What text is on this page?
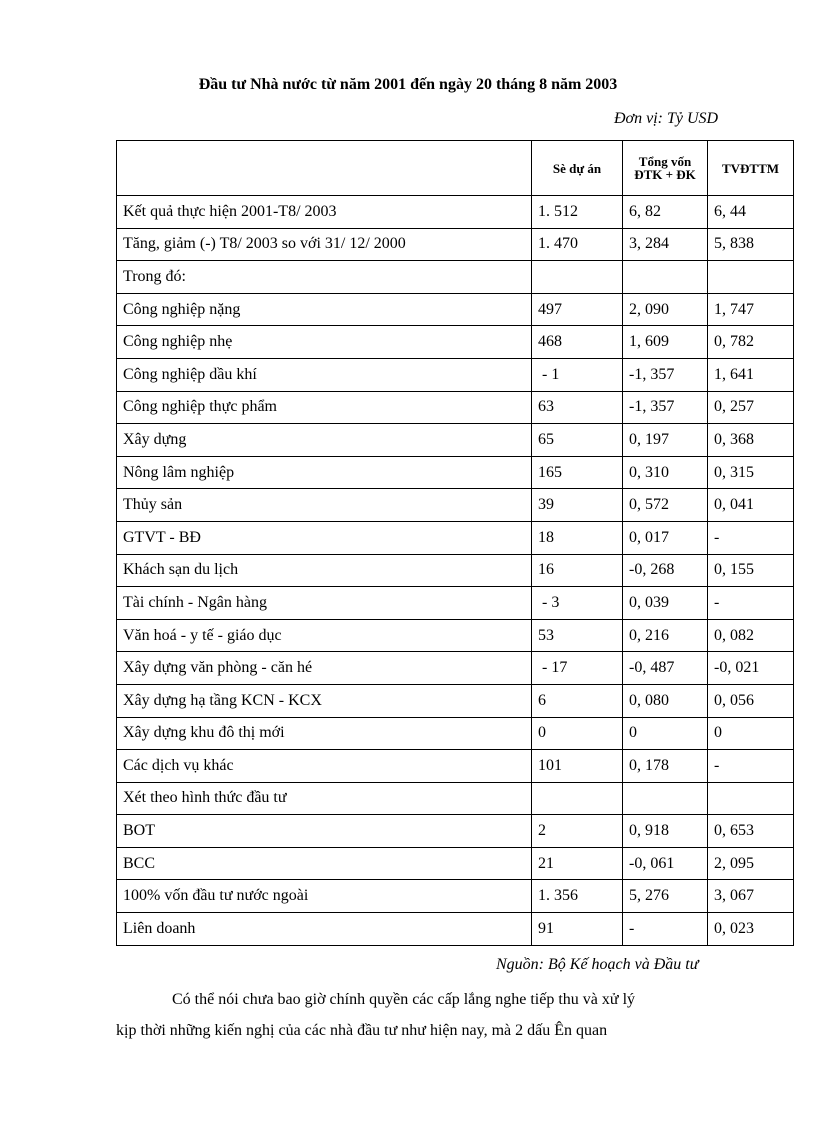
Đầu tư Nhà nước từ năm 2001 đến ngày 20 tháng 8 năm 2003
Đơn vị: Tỷ USD
	Sè dự án	Tổng vốn ĐTK + ĐK	TVĐTTM
Kết quả thực hiện 2001-T8/ 2003	1. 512	6, 82	6, 44
Tăng, giảm (-) T8/ 2003 so với 31/ 12/ 2000	1. 470	3, 284	5, 838
Trong đó:			
Công nghiệp nặng	497	2, 090	1, 747
Công nghiệp nhẹ	468	1, 609	0, 782
Công nghiệp dầu khí	- 1	-1, 357	1, 641
Công nghiệp thực phẩm	63	-1, 357	0, 257
Xây dựng	65	0, 197	0, 368
Nông lâm nghiệp	165	0, 310	0, 315
Thủy sản	39	0, 572	0, 041
GTVT - BĐ	18	0, 017	-
Khách sạn du lịch	16	-0, 268	0, 155
Tài chính - Ngân hàng	- 3	0, 039	-
Văn hoá - y tế - giáo dục	53	0, 216	0, 082
Xây dựng văn phòng - căn hé	- 17	-0, 487	-0, 021
Xây dựng hạ tầng KCN - KCX	6	0, 080	0, 056
Xây dựng khu đô thị mới	0	0	0
Các dịch vụ khác	101	0, 178	-
Xét theo hình thức đầu tư			
BOT	2	0, 918	0, 653
BCC	21	-0, 061	2, 095
100% vốn đầu tư nước ngoài	1. 356	5, 276	3, 067
Liên doanh	91	-	0, 023
Nguồn: Bộ Kế hoạch và Đầu tư
Có thể nói chưa bao giờ chính quyền các cấp lắng nghe tiếp thu và xử lý
kịp thời những kiến nghị của các nhà đầu tư như hiện nay, mà 2 dấu Ên quan
